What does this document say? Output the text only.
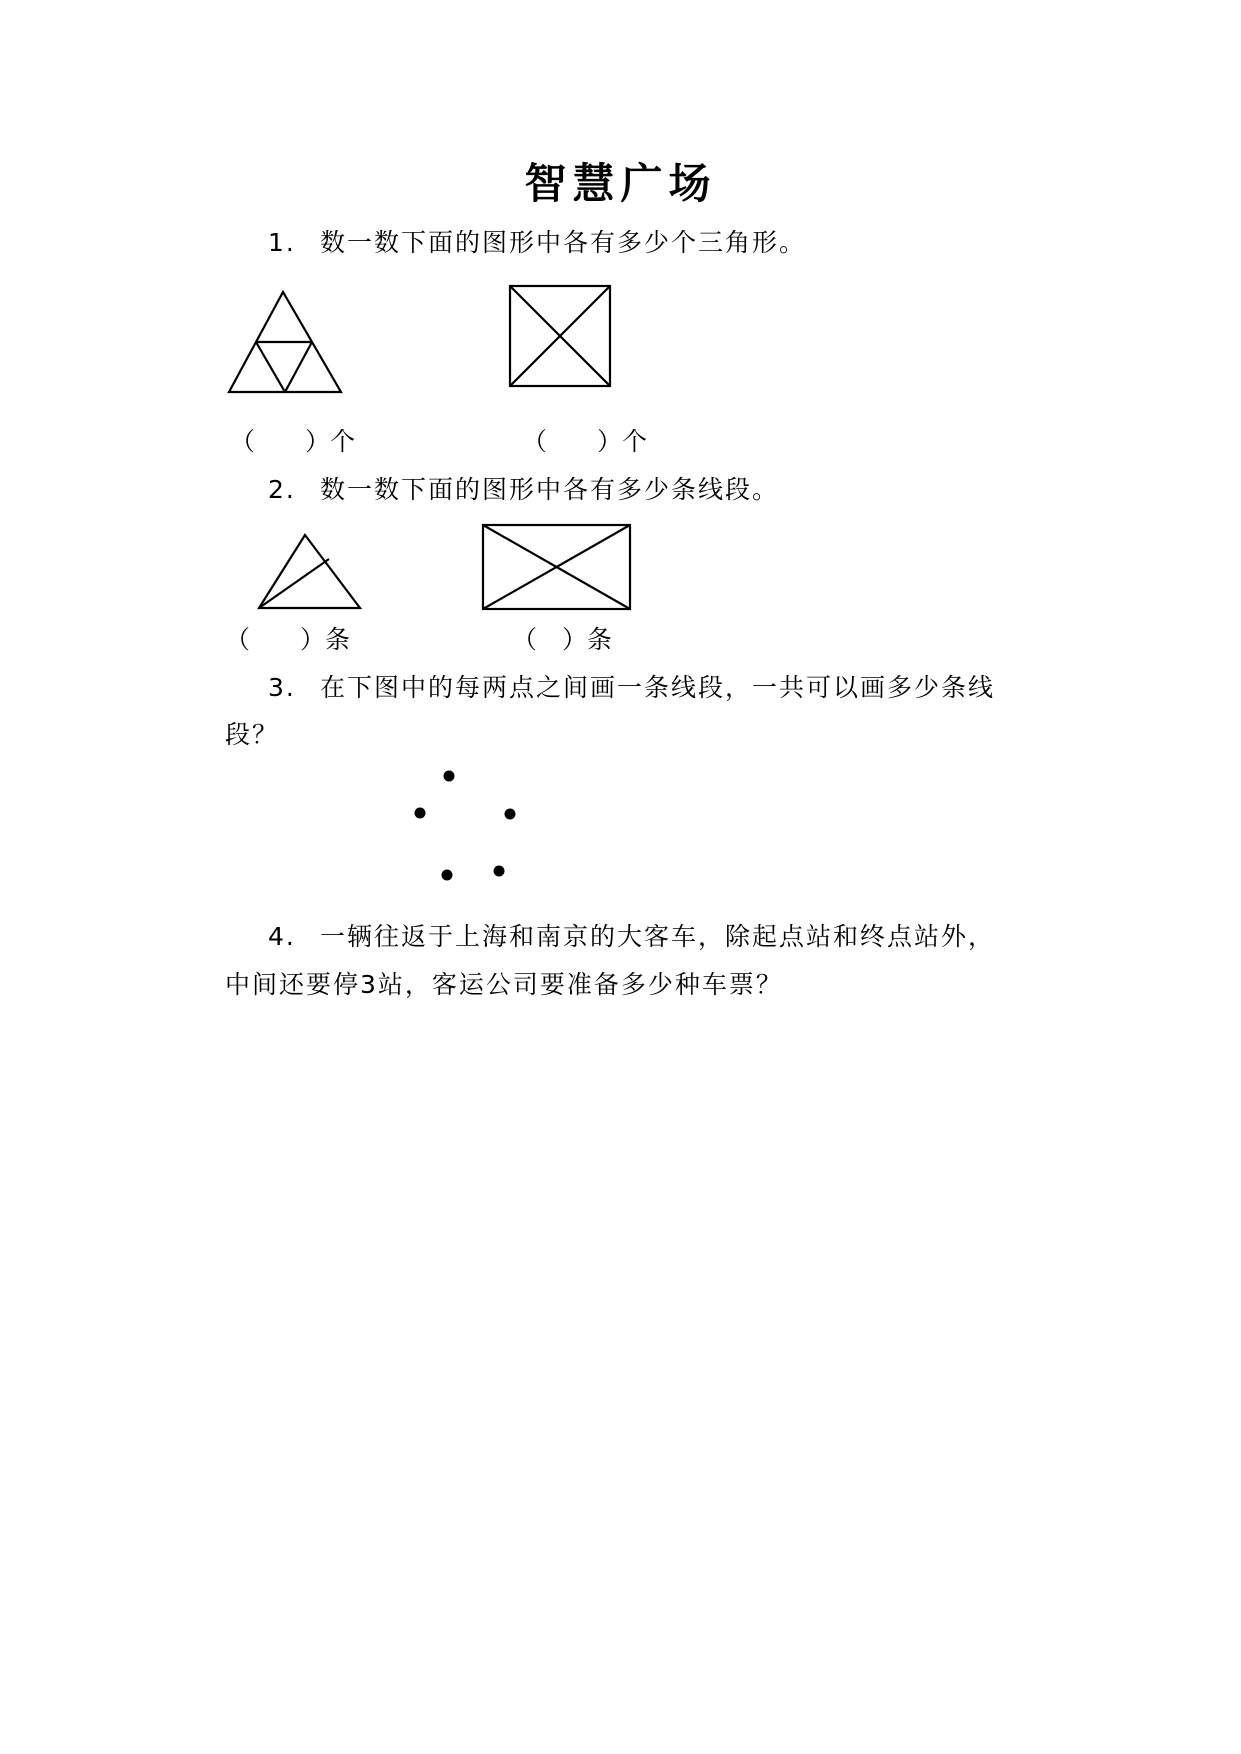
智慧广场
1. 数一数下面的图形中各有多少个三角形。
（　　）个	（　　）个
2. 数一数下面的图形中各有多少条线段。
（　　）条	（　）条
3. 在下图中的每两点之间画一条线段，一共可以画多少条线
段？
4. 一辆往返于上海和南京的大客车，除起点站和终点站外，
中间还要停3站，客运公司要准备多少种车票？
